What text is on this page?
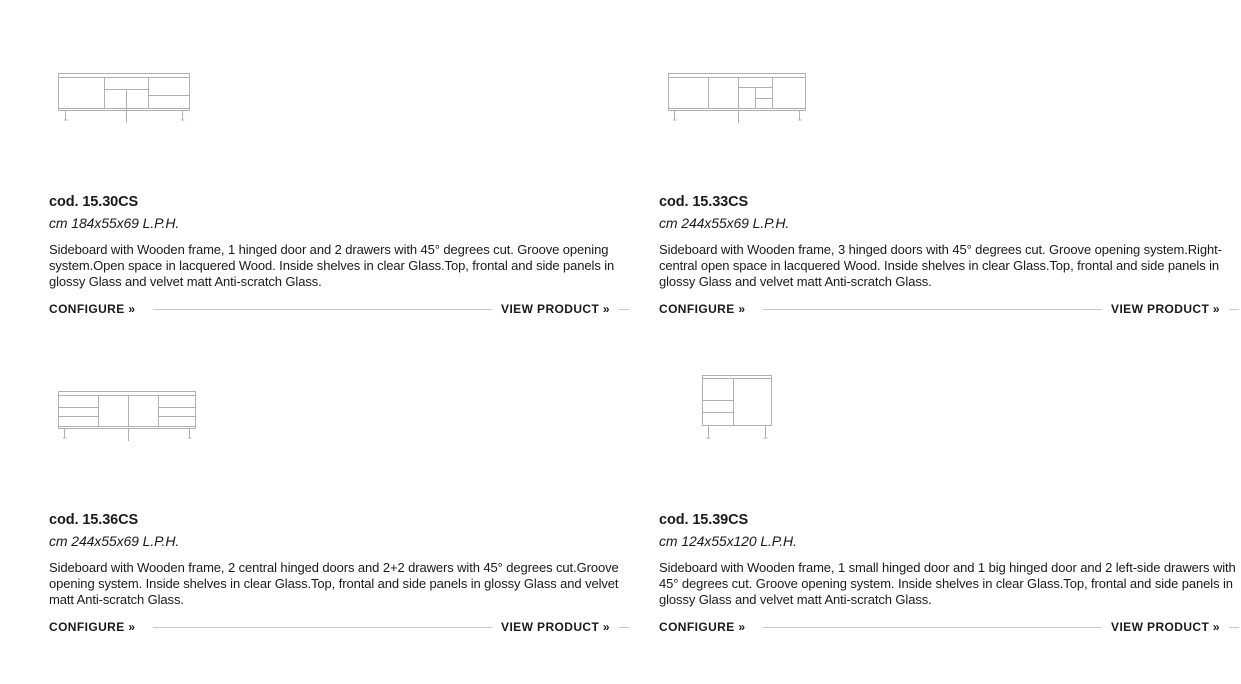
cod. 15.30CS
cm 184x55x69 L.P.H.
Sideboard with Wooden frame, 1 hinged door and 2 drawers with 45° degrees cut. Groove opening system.Open space in lacquered Wood. Inside shelves in clear Glass.Top, frontal and side panels in glossy Glass and velvet matt Anti-scratch Glass.
CONFIGURE »	VIEW PRODUCT »
cod. 15.33CS
cm 244x55x69 L.P.H.
Sideboard with Wooden frame, 3 hinged doors with 45° degrees cut. Groove opening system.Right-central open space in lacquered Wood. Inside shelves in clear Glass.Top, frontal and side panels in glossy Glass and velvet matt Anti-scratch Glass.
CONFIGURE »	VIEW PRODUCT »
cod. 15.36CS
cm 244x55x69 L.P.H.
Sideboard with Wooden frame, 2 central hinged doors and 2+2 drawers with 45° degrees cut.Groove opening system. Inside shelves in clear Glass.Top, frontal and side panels in glossy Glass and velvet matt Anti-scratch Glass.
CONFIGURE »	VIEW PRODUCT »
cod. 15.39CS
cm 124x55x120 L.P.H.
Sideboard with Wooden frame, 1 small hinged door and 1 big hinged door and 2 left-side drawers with 45° degrees cut. Groove opening system. Inside shelves in clear Glass.Top, frontal and side panels in glossy Glass and velvet matt Anti-scratch Glass.
CONFIGURE »	VIEW PRODUCT »
